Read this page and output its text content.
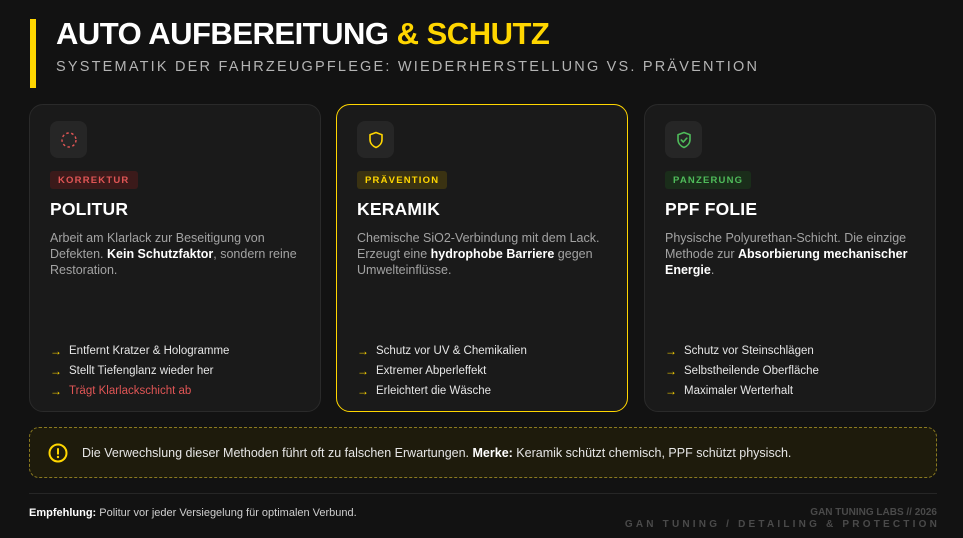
AUTO AUFBEREITUNG & SCHUTZ
SYSTEMATIK DER FAHRZEUGPFLEGE: WIEDERHERSTELLUNG VS. PRÄVENTION
KORREKTUR
POLITUR
Arbeit am Klarlack zur Beseitigung von Defekten. Kein Schutzfaktor, sondern reine Restoration.
→ Entfernt Kratzer & Hologramme
→ Stellt Tiefenglanz wieder her
→ Trägt Klarlackschicht ab
PRÄVENTION
KERAMIK
Chemische SiO2-Verbindung mit dem Lack. Erzeugt eine hydrophobe Barriere gegen Umwelteinflüsse.
→ Schutz vor UV & Chemikalien
→ Extremer Abperleffekt
→ Erleichtert die Wäsche
PANZERUNG
PPF FOLIE
Physische Polyurethan-Schicht. Die einzige Methode zur Absorbierung mechanischer Energie.
→ Schutz vor Steinschlägen
→ Selbstheilende Oberfläche
→ Maximaler Werterhalt
Die Verwechslung dieser Methoden führt oft zu falschen Erwartungen. Merke: Keramik schützt chemisch, PPF schützt physisch.
Empfehlung: Politur vor jeder Versiegelung für optimalen Verbund.	GAN TUNING LABS // 2026
GAN TUNING / DETAILING & PROTECTION
